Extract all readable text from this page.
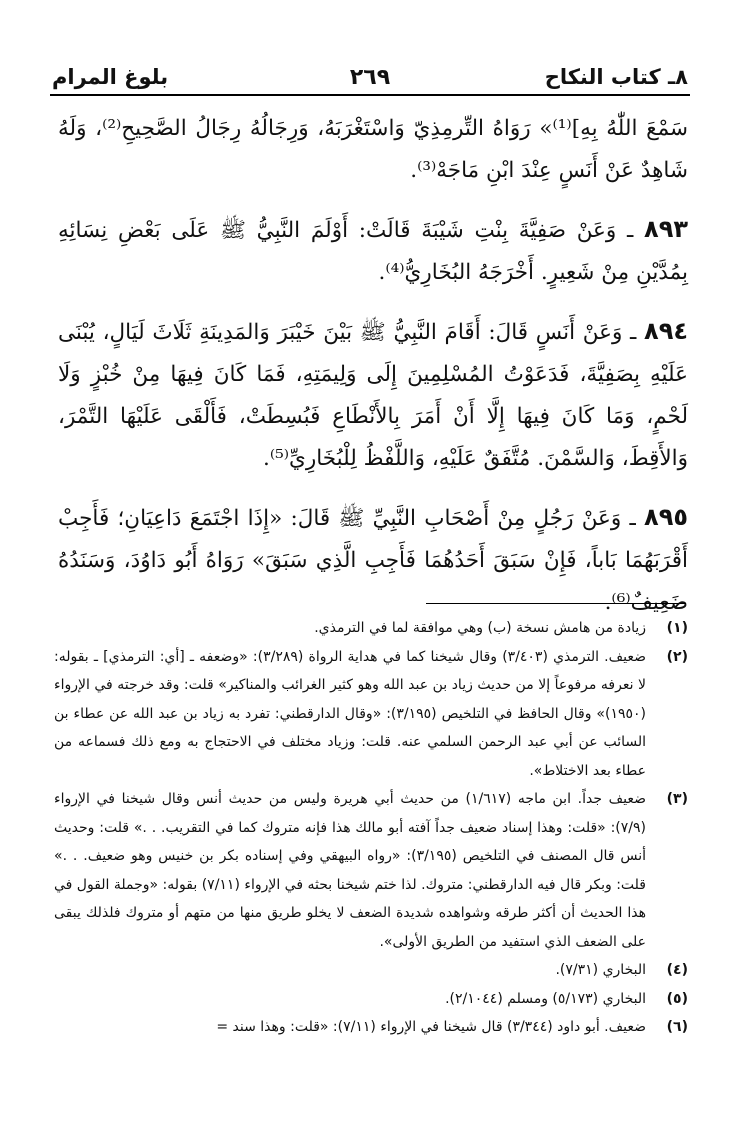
٨ـ كتاب النكاح
٢٦٩
بلوغ المرام

سَمْعَ اللّٰهُ بِهِ]⁽¹⁾» رَوَاهُ التِّرمِذِيّ وَاسْتَغْرَبَهُ، وَرِجَالُهُ رِجَالُ الصَّحِيحِ⁽²⁾، وَلَهُ شَاهِدٌ عَنْ أَنَسٍ عِنْدَ ابْنِ مَاجَهْ⁽³⁾.

٨٩٣ ـ وَعَنْ صَفِيَّةَ بِنْتِ شَيْبَةَ قَالَتْ: أَوْلَمَ النَّبِيُّ ﷺ عَلَى بَعْضِ نِسَائِهِ بِمُدَّيْنِ مِنْ شَعِيرٍ. أَخْرَجَهُ البُخَارِيُّ⁽⁴⁾.

٨٩٤ ـ وَعَنْ أَنَسٍ قَالَ: أَقَامَ النَّبِيُّ ﷺ بَيْنَ خَيْبَرَ وَالمَدِينَةِ ثَلَاثَ لَيَالٍ، يُبْنَى عَلَيْهِ بِصَفِيَّةَ، فَدَعَوْتُ المُسْلِمِينَ إِلَى وَلِيمَتِهِ، فَمَا كَانَ فِيهَا مِنْ خُبْزٍ وَلَا لَحْمٍ، وَمَا كَانَ فِيهَا إِلَّا أَنْ أَمَرَ بِالأَنْطَاعِ فَبُسِطَتْ، فَأَلْقَى عَلَيْهَا التَّمْرَ، وَالأَقِطَ، وَالسَّمْنَ. مُتَّفَقٌ عَلَيْهِ، وَاللَّفْظُ لِلْبُخَارِيِّ⁽⁵⁾.

٨٩٥ ـ وَعَنْ رَجُلٍ مِنْ أَصْحَابِ النَّبِيِّ ﷺ قَالَ: «إِذَا اجْتَمَعَ دَاعِيَانِ؛ فَأَجِبْ أَقْرَبَهُمَا بَاباً، فَإِنْ سَبَقَ أَحَدُهُمَا فَأَجِبِ الَّذِي سَبَقَ» رَوَاهُ أَبُو دَاوُدَ، وَسَنَدُهُ ضَعِيفٌ⁽⁶⁾.

(١)
زيادة من هامش نسخة (ب) وهي موافقة لما في الترمذي.
(٢)
ضعيف. الترمذي (٣/٤٠٣) وقال شيخنا كما في هداية الرواة (٣/٢٨٩): «وضعفه ـ [أي: الترمذي] ـ بقوله: لا نعرفه مرفوعاً إلا من حديث زياد بن عبد الله وهو كثير الغرائب والمناكير» قلت: وقد خرجته في الإرواء (١٩٥٠)» وقال الحافظ في التلخيص (٣/١٩٥): «وقال الدارقطني: تفرد به زياد بن عبد الله عن عطاء بن السائب عن أبي عبد الرحمن السلمي عنه. قلت: وزياد مختلف في الاحتجاج به ومع ذلك فسماعه من عطاء بعد الاختلاط».
(٣)
ضعيف جداً. ابن ماجه (١/٦١٧) من حديث أبي هريرة وليس من حديث أنس وقال شيخنا في الإرواء (٧/٩): «قلت: وهذا إسناد ضعيف جداً آفته أبو مالك هذا فإنه متروك كما في التقريب. . .» قلت: وحديث أنس قال المصنف في التلخيص (٣/١٩٥): «رواه البيهقي وفي إسناده بكر بن خنيس وهو ضعيف. . .» قلت: وبكر قال فيه الدارقطني: متروك. لذا ختم شيخنا بحثه في الإرواء (٧/١١) بقوله: «وجملة القول في هذا الحديث أن أكثر طرقه وشواهده شديدة الضعف لا يخلو طريق منها من متهم أو متروك فلذلك يبقى على الضعف الذي استفيد من الطريق الأولى».
(٤)
البخاري (٧/٣١).
(٥)
البخاري (٥/١٧٣) ومسلم (٢/١٠٤٤).
(٦)
ضعيف. أبو داود (٣/٣٤٤) قال شيخنا في الإرواء (٧/١١): «قلت: وهذا سند =
